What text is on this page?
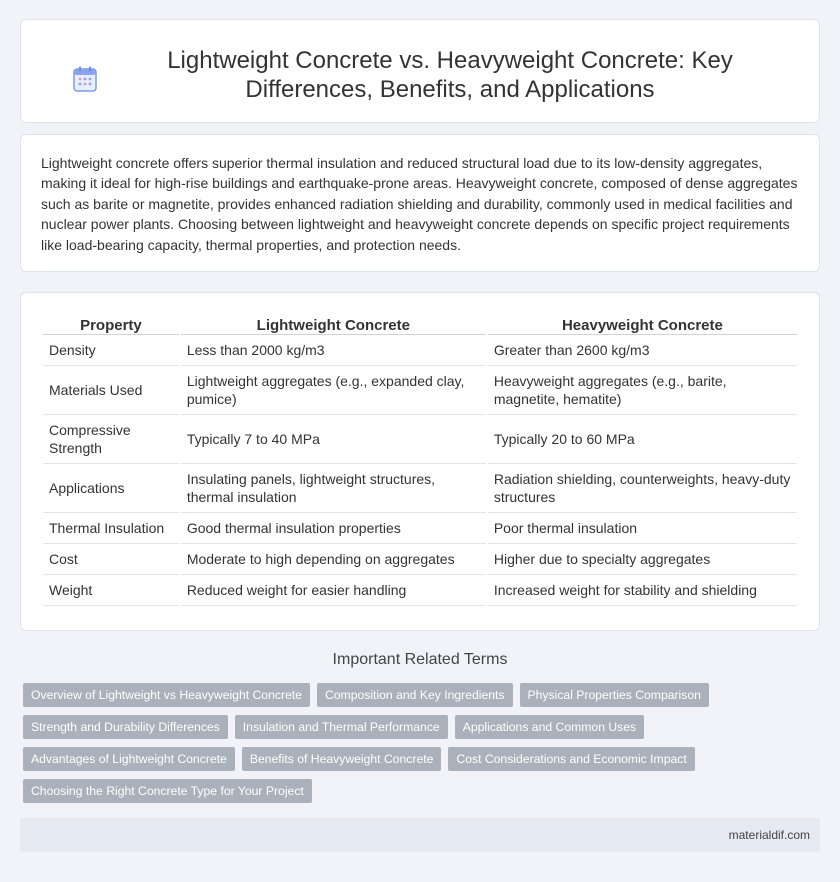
Lightweight Concrete vs. Heavyweight Concrete: Key Differences, Benefits, and Applications

Lightweight concrete offers superior thermal insulation and reduced structural load due to its low-density aggregates, making it ideal for high-rise buildings and earthquake-prone areas. Heavyweight concrete, composed of dense aggregates such as barite or magnetite, provides enhanced radiation shielding and durability, commonly used in medical facilities and nuclear power plants. Choosing between lightweight and heavyweight concrete depends on specific project requirements like load-bearing capacity, thermal properties, and protection needs.

Property	Lightweight Concrete	Heavyweight Concrete
Density	Less than 2000 kg/m3	Greater than 2600 kg/m3
Materials Used	Lightweight aggregates (e.g., expanded clay, pumice)	Heavyweight aggregates (e.g., barite, magnetite, hematite)
Compressive Strength	Typically 7 to 40 MPa	Typically 20 to 60 MPa
Applications	Insulating panels, lightweight structures, thermal insulation	Radiation shielding, counterweights, heavy-duty structures
Thermal Insulation	Good thermal insulation properties	Poor thermal insulation
Cost	Moderate to high depending on aggregates	Higher due to specialty aggregates
Weight	Reduced weight for easier handling	Increased weight for stability and shielding
Important Related Terms
Overview of Lightweight vs Heavyweight Concrete	Composition and Key Ingredients	Physical Properties Comparison
Strength and Durability Differences	Insulation and Thermal Performance	Applications and Common Uses
Advantages of Lightweight Concrete	Benefits of Heavyweight Concrete	Cost Considerations and Economic Impact
Choosing the Right Concrete Type for Your Project
materialdif.com
